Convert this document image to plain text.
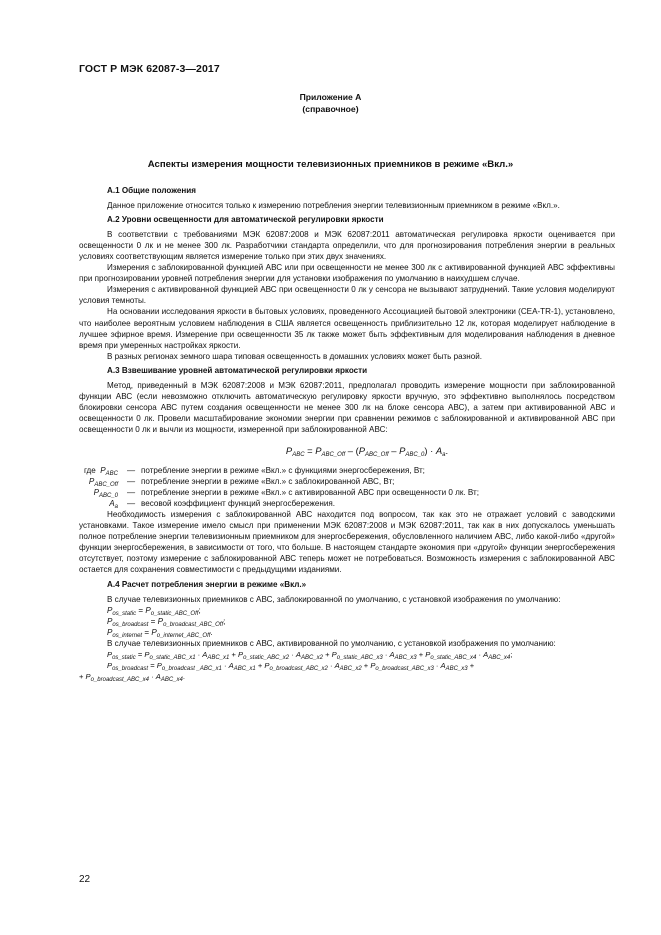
ГОСТ Р МЭК 62087-3—2017
Приложение А
(справочное)
Аспекты измерения мощности телевизионных приемников в режиме «Вкл.»
А.1 Общие положения

Данное приложение относится только к измерению потребления энергии телевизионным приемником в режиме «Вкл.».

А.2 Уровни освещенности для автоматической регулировки яркости

В соответствии с требованиями МЭК 62087:2008 и МЭК 62087:2011 автоматическая регулировка яркости оценивается при освещенности 0 лк и не менее 300 лк. Разработчики стандарта определили, что для прогнозирования потребления энергии в реальных условиях соответствующим является измерение только при этих двух значениях.

Измерения с заблокированной функцией АВС или при освещенности не менее 300 лк с активированной функцией АВС эффективны при прогнозировании уровней потребления энергии для установки изображения по умолчанию в наихудшем случае.

Измерения с активированной функцией АВС при освещенности 0 лк у сенсора не вызывают затруднений. Такие условия моделируют условия темноты.

На основании исследования яркости в бытовых условиях, проведенного Ассоциацией бытовой электроники (CEA-TR-1), установлено, что наиболее вероятным условием наблюдения в США является освещенность приблизительно 12 лк, которая моделирует наблюдение в лучшее эфирное время. Измерение при освещенности 35 лк также может быть эффективным для моделирования наблюдения в дневное время при умеренных настройках яркости.

В разных регионах земного шара типовая освещенность в домашних условиях может быть разной.

А.3 Взвешивание уровней автоматической регулировки яркости

Метод, приведенный в МЭК 62087:2008 и МЭК 62087:2011, предполагал проводить измерение мощности при заблокированной функции АВС (если невозможно отключить автоматическую регулировку яркости вручную, это эффективно выполнялось посредством блокировки сенсора АВС путем создания освещенности не менее 300 лк на блоке сенсора АВС), а затем при активированной АВС и освещенности 0 лк. Провели масштабирование экономии энергии при сравнении режимов с заблокированной и активированной АВС при освещенности 0 лк и вычли из мощности, измеренной при заблокированной АВС:

$P_{ABC} = P_{ABC\_Off} - (P_{ABC\_Off} - P_{ABC\_0}) \cdot A_a$.
где  $P_{ABC}$	— потребление энергии в режиме «Вкл.» с функциями энергосбережения, Вт;
$P_{ABC\_Off}$	— потребление энергии в режиме «Вкл.» с заблокированной АВС, Вт;
$P_{ABC\_0}$	— потребление энергии в режиме «Вкл.» с активированной АВС при освещенности 0 лк. Вт;
$A_a$	— весовой коэффициент функций энергосбережения.

Необходимость измерения с заблокированной АВС находится под вопросом, так как это не отражает условий с заводскими установками. Такое измерение имело смысл при применении МЭК 62087:2008 и МЭК 62087:2011, так как в них допускалось уменьшать полное потребление энергии телевизионным приемником для энергосбережения, обусловленного наличием АВС, либо какой-либо «другой» функции энергосбережения, в зависимости от того, что больше. В настоящем стандарте экономия при «другой» функции энергосбережения отсутствует, поэтому измерение с заблокированной АВС теперь может не потребоваться. Возможность измерения с заблокированной АВС остается для сохранения совместимости с предыдущими изданиями.

А.4 Расчет потребления энергии в режиме «Вкл.»

В случае телевизионных приемников с АВС, заблокированной по умолчанию, с установкой изображения по умолчанию:

$P_{os\_static} = P_{o\_static\_ABC\_Off}$;
$P_{os\_broadcast} = P_{o\_broadcast\_ABC\_Off}$;
$P_{os\_internet} = P_{o\_internet\_ABC\_Off}$.

В случае телевизионных приемников с АВС, активированной по умолчанию, с установкой изображения по умолчанию:

$P_{os\_static} = P_{o\_static\_ABC\_x1} \cdot A_{ABC\_x1} + P_{o\_static\_ABC\_x2} \cdot A_{ABC\_x2} + P_{o\_static\_ABC\_x3} \cdot A_{ABC\_x3} + P_{o\_static\_ABC\_x4} \cdot A_{ABC\_x4}$;
$P_{os\_broadcast} = P_{o\_broadcast \_ABC\_x1} \cdot A_{ABC\_x1} + P_{o\_broadcast\_ABC\_x2} \cdot A_{ABC\_x2} + P_{o\_broadcast\_ABC\_x3} \cdot A_{ABC\_x3}$ +
+ $P_{o\_broadcast\_ABC\_x4} \cdot A_{ABC\_x4}$.
22
